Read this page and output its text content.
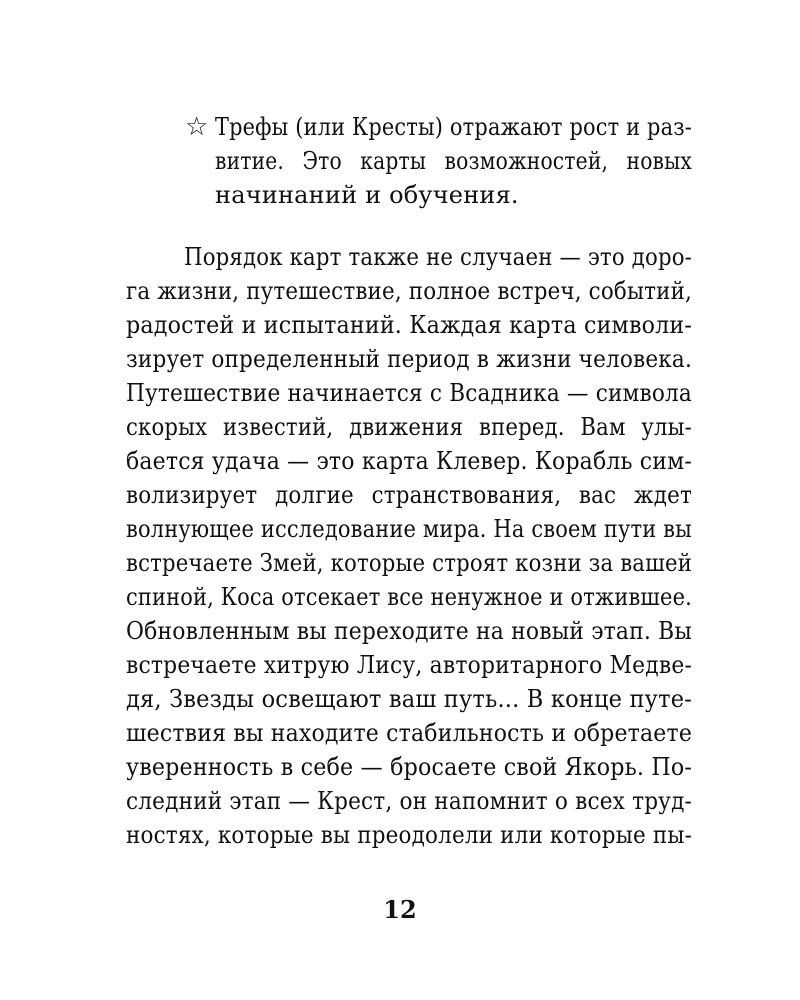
☆ Трефы (или Кресты) отражают рост и раз-
витие. Это карты возможностей, новых
начинаний и обучения.
Порядок карт также не случаен — это доро-
га жизни, путешествие, полное встреч, событий,
радостей и испытаний. Каждая карта символи-
зирует определенный период в жизни человека.
Путешествие начинается с Всадника — символа
скорых известий, движения вперед. Вам улы-
бается удача — это карта Клевер. Корабль сим-
волизирует долгие странствования, вас ждет
волнующее исследование мира. На своем пути вы
встречаете Змей, которые строят козни за вашей
спиной, Коса отсекает все ненужное и отжившее.
Обновленным вы переходите на новый этап. Вы
встречаете хитрую Лису, авторитарного Медве-
дя, Звезды освещают ваш путь... В конце путе-
шествия вы находите стабильность и обретаете
уверенность в себе — бросаете свой Якорь. По-
следний этап — Крест, он напомнит о всех труд-
ностях, которые вы преодолели или которые пы-
12
